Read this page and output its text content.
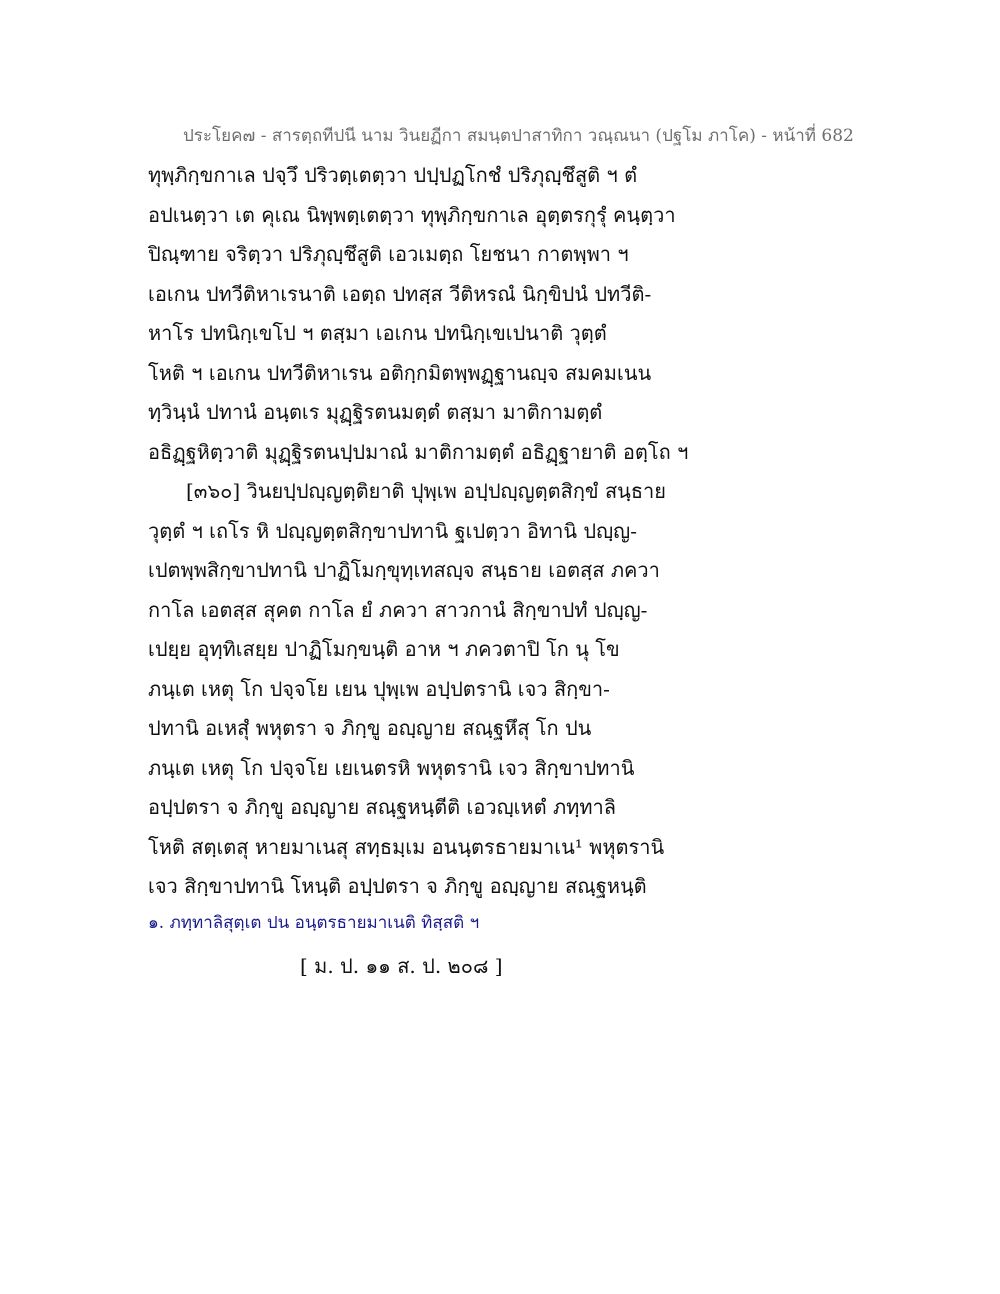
ประโยค๗ - สารตฺถทีปนี นาม วินยฏีกา สมนฺตปาสาทิกา วณฺณนา (ปฐโม ภาโค) - หน้าที่ 682
ทุพฺภิกฺขกาเล ปจฺวึ ปริวตฺเตตฺวา ปปฺปฏโกชํ ปริภุญฺชึสูติ ฯ ตํ
อปเนตฺวา เต คุเณ นิพฺพตฺเตตฺวา ทุพฺภิกฺขกาเล อุตฺตรกุรุํ คนฺตฺวา
ปิณฺฑาย จริตฺวา ปริภุญฺชึสูติ เอวเมตฺถ โยชนา กาตพฺพา ฯ
เอเกน ปทวีติหาเรนาติ เอตฺถ ปทสฺส วีติหรณํ นิกฺขิปนํ ปทวีติ-
หาโร ปทนิกฺเขโป ฯ ตสฺมา เอเกน ปทนิกฺเขเปนาติ วุตฺตํ
โหติ ฯ เอเกน ปทวีติหาเรน อติกฺกมิตพฺพฏฺฐานญฺจ สมคมเนน
ทฺวินฺนํ ปทานํ อนฺตเร มุฏฺฐิรตนมตฺตํ ตสฺมา มาติกามตฺตํ
อธิฏฺฐหิตฺวาติ มุฏฺฐิรตนปฺปมาณํ มาติกามตฺตํ อธิฏฺฐายาติ อตฺโถ ฯ
[๓๖๐] วินยปฺปญฺญตฺติยาติ ปุพฺเพ อปฺปญฺญตฺตสิกฺขํ สนฺธาย
วุตฺตํ ฯ เถโร หิ ปญฺญตฺตสิกฺขาปทานิ ฐเปตฺวา อิทานิ ปญฺญ-
เปตพฺพสิกฺขาปทานิ ปาฏิโมกฺขุทฺเทสญฺจ สนฺธาย เอตสฺส ภควา
กาโล เอตสฺส สุคต กาโล ยํ ภควา สาวกานํ สิกฺขาปทํ ปญฺญ-
เปยฺย อุทฺทิเสยฺย ปาฏิโมกฺขนฺติ อาห ฯ ภควตาปิ โก นุ โข
ภนฺเต เหตุ โก ปจฺจโย เยน ปุพฺเพ อปฺปตรานิ เจว สิกฺขา-
ปทานิ อเหสุํ พหุตรา จ ภิกฺขู อญฺญาย สณฺฐหึสุ โก ปน
ภนฺเต เหตุ โก ปจฺจโย เยเนตรหิ พหุตรานิ เจว สิกฺขาปทานิ
อปฺปตรา จ ภิกฺขู อญฺญาย สณฺฐหนฺตีติ เอวญฺเหตํ ภทฺทาลิ
โหติ สตฺเตสุ หายมาเนสุ สทฺธมฺเม อนนฺตรธายมาเน¹ พหุตรานิ
เจว สิกฺขาปทานิ โหนฺติ อปฺปตรา จ ภิกฺขู อญฺญาย สณฺฐหนฺติ
๑. ภทฺทาลิสุตฺเต ปน อนฺตรธายมาเนติ ทิสฺสติ ฯ
[ ม. ป. ๑๑ ส. ป. ๒๐๘ ]
